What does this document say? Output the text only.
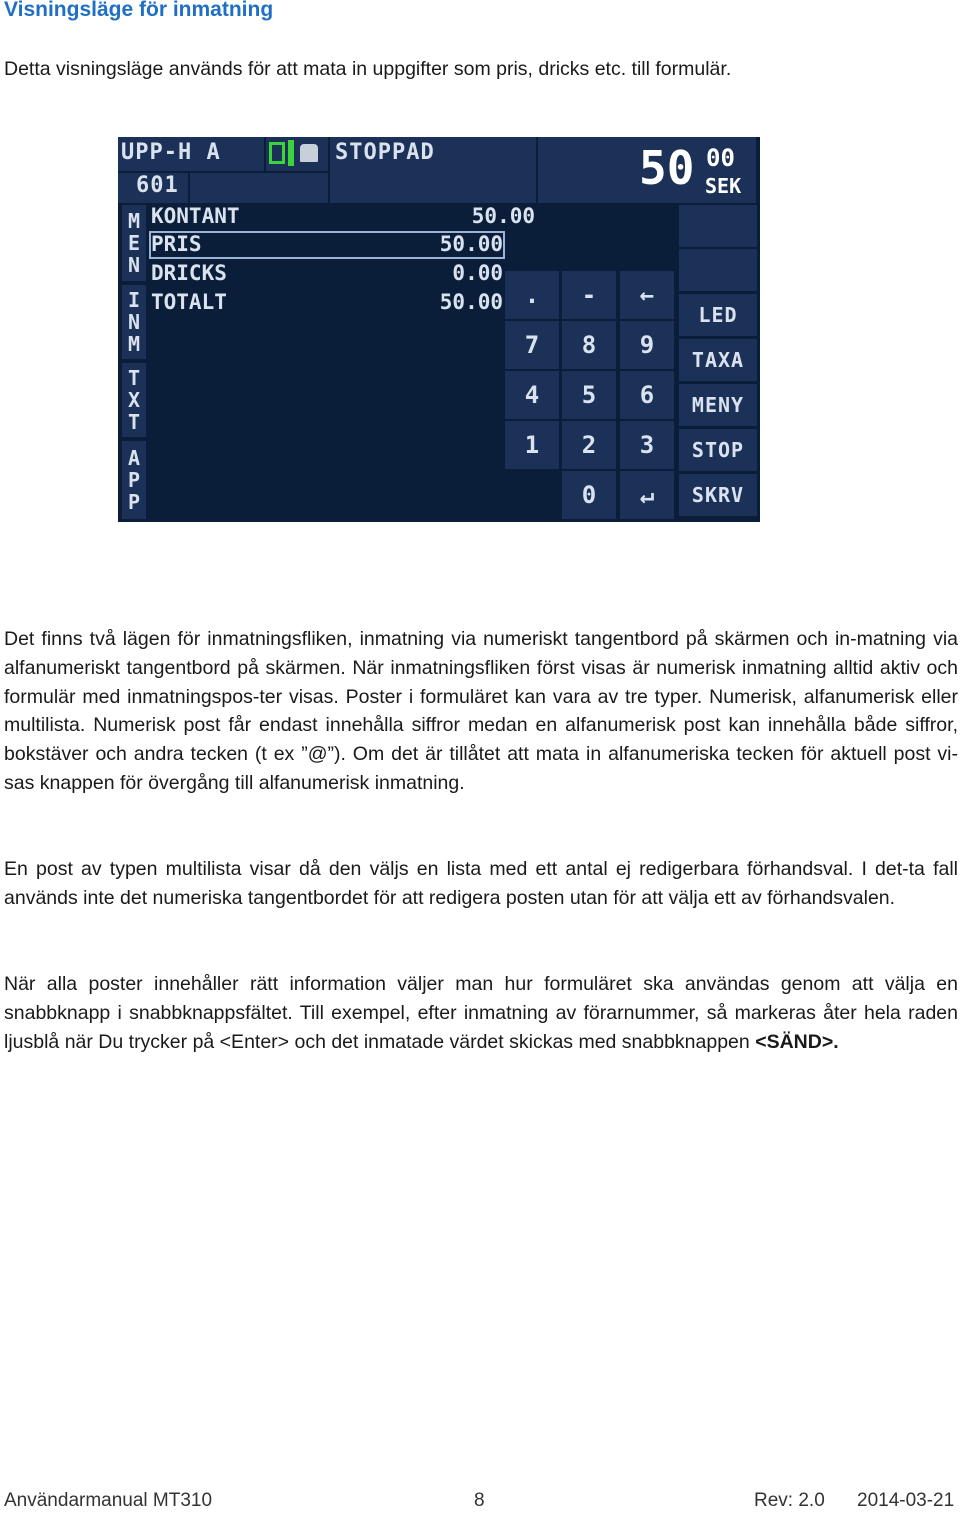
Visningsläge för inmatning
Detta visningsläge används för att mata in uppgifter som pris, dricks etc. till formulär.
UPP-H A	STOPPAD	50 00
SEK
601
M
E
N
I
N
M
T
X
T
A
P
P
KONTANT	50.00
PRIS	50.00
DRICKS	0.00
TOTALT	50.00 .	-	←
7	8	9
4	5	6
1	2	3
0	↵
LED
TAXA
MENY
STOP
SKRV
Det finns två lägen för inmatningsfliken, inmatning via numeriskt tangentbord på skärmen och in-matning via alfanumeriskt tangentbord på skärmen. När inmatningsfliken först visas är numerisk inmatning alltid aktiv och formulär med inmatningspos-ter visas. Poster i formuläret kan vara av tre typer. Numerisk, alfanumerisk eller multilista. Numerisk post får endast innehålla siffror medan en alfanumerisk post kan innehålla både siffror, bokstäver och andra tecken (t ex ”@”). Om det är tillåtet att mata in alfanumeriska tecken för aktuell post vi-sas knappen för övergång till alfanumerisk inmatning.
En post av typen multilista visar då den väljs en lista med ett antal ej redigerbara förhandsval. I det-ta fall används inte det numeriska tangentbordet för att redigera posten utan för att välja ett av förhandsvalen.
När alla poster innehåller rätt information väljer man hur formuläret ska användas genom att välja en snabbknapp i snabbknappsfältet. Till exempel, efter inmatning av förarnummer, så markeras åter hela raden ljusblå när Du trycker på <Enter> och det inmatade värdet skickas med snabbknappen <SÄND>.
Användarmanual MT310	8	Rev: 2.0 2014-03-21
